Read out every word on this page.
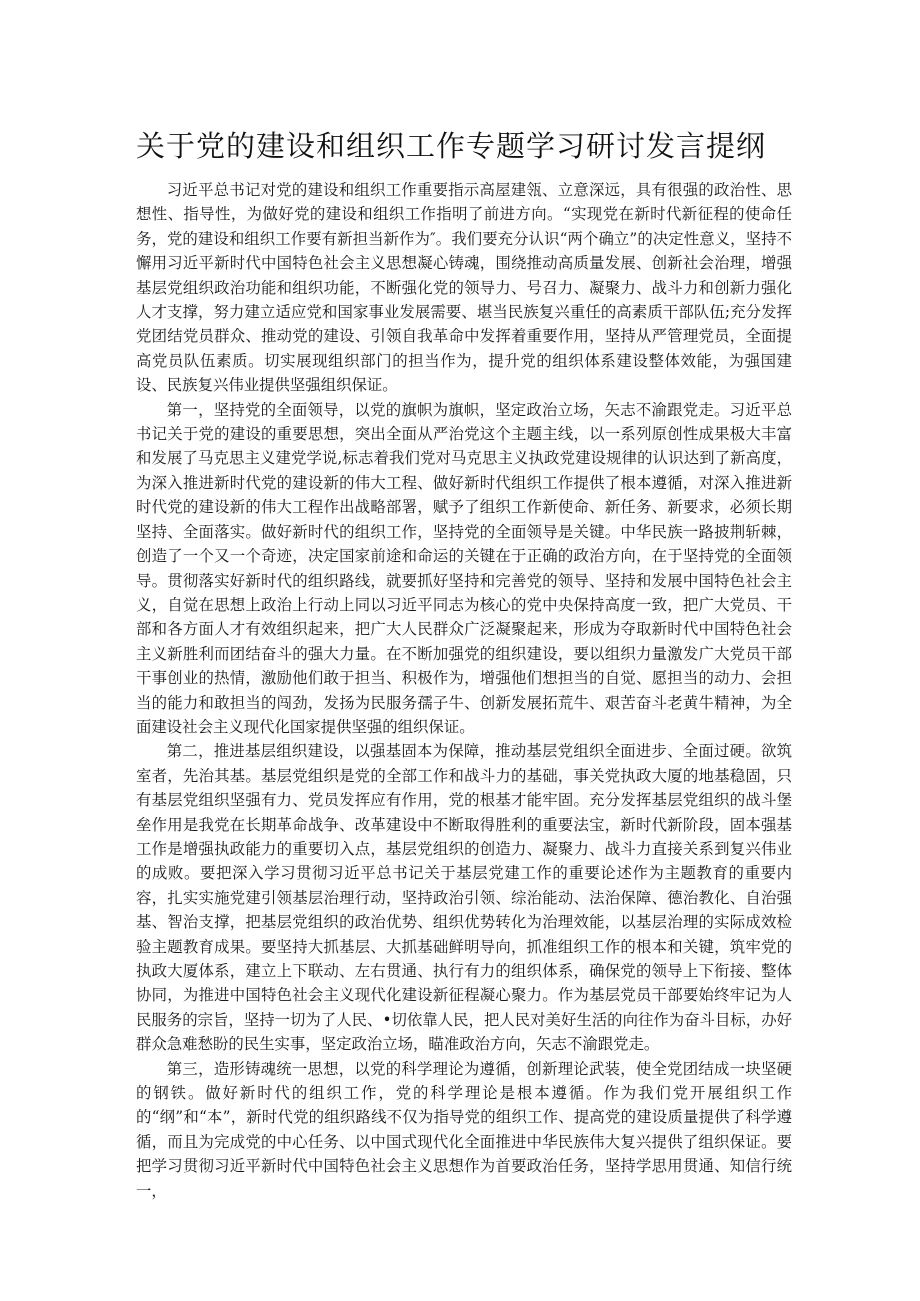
关于党的建设和组织工作专题学习研讨发言提纲

习近平总书记对党的建设和组织工作重要指示高屋建瓴、立意深远，具有很强的政治性、思想性、指导性，为做好党的建设和组织工作指明了前进方向。“实现党在新时代新征程的使命任务，党的建设和组织工作要有新担当新作为″。我们要充分认识“两个确立”的决定性意义，坚持不懈用习近平新时代中国特色社会主义思想凝心铸魂，围绕推动高质量发展、创新社会治理，增强基层党组织政治功能和组织功能，不断强化党的领导力、号召力、凝聚力、战斗力和创新力强化人才支撑，努力建立适应党和国家事业发展需要、堪当民族复兴重任的高素质干部队伍;充分发挥党团结党员群众、推动党的建设、引领自我革命中发挥着重要作用，坚持从严管理党员，全面提高党员队伍素质。切实展现组织部门的担当作为，提升党的组织体系建设整体效能，为强国建设、民族复兴伟业提供坚强组织保证。

第一，坚持党的全面领导，以党的旗帜为旗帜，坚定政治立场，矢志不渝跟党走。习近平总书记关于党的建设的重要思想，突出全面从严治党这个主题主线，以一系列原创性成果极大丰富和发展了马克思主义建党学说,标志着我们党对马克思主义执政党建设规律的认识达到了新高度，为深入推进新时代党的建设新的伟大工程、做好新时代组织工作提供了根本遵循，对深入推进新时代党的建设新的伟大工程作出战略部署，赋予了组织工作新使命、新任务、新要求，必须长期坚持、全面落实。做好新时代的组织工作，坚持党的全面领导是关键。中华民族一路披荆斩棘，创造了一个又一个奇迹，决定国家前途和命运的关键在于正确的政治方向，在于坚持党的全面领导。贯彻落实好新时代的组织路线，就要抓好坚持和完善党的领导、坚持和发展中国特色社会主义，自觉在思想上政治上行动上同以习近平同志为核心的党中央保持高度一致，把广大党员、干部和各方面人才有效组织起来，把广大人民群众广泛凝聚起来，形成为夺取新时代中国特色社会主义新胜利而团结奋斗的强大力量。在不断加强党的组织建设，要以组织力量激发广大党员干部干事创业的热情，激励他们敢于担当、积极作为，增强他们想担当的自觉、愿担当的动力、会担当的能力和敢担当的闯劲，发扬为民服务孺子牛、创新发展拓荒牛、艰苦奋斗老黄牛精神，为全面建设社会主义现代化国家提供坚强的组织保证。

第二，推进基层组织建设，以强基固本为保障，推动基层党组织全面进步、全面过硬。欲筑室者，先治其基。基层党组织是党的全部工作和战斗力的基础，事关党执政大厦的地基稳固，只有基层党组织坚强有力、党员发挥应有作用，党的根基才能牢固。充分发挥基层党组织的战斗堡垒作用是我党在长期革命战争、改革建设中不断取得胜利的重要法宝，新时代新阶段，固本强基工作是增强执政能力的重要切入点，基层党组织的创造力、凝聚力、战斗力直接关系到复兴伟业的成败。要把深入学习贯彻习近平总书记关于基层党建工作的重要论述作为主题教育的重要内容，扎实实施党建引领基层治理行动，坚持政治引领、综治能动、法治保障、德治教化、自治强基、智治支撑，把基层党组织的政治优势、组织优势转化为治理效能，以基层治理的实际成效检验主题教育成果。要坚持大抓基层、大抓基础鲜明导向，抓准组织工作的根本和关键，筑牢党的执政大厦体系，建立上下联动、左右贯通、执行有力的组织体系，确保党的领导上下衔接、整体协同，为推进中国特色社会主义现代化建设新征程凝心聚力。作为基层党员干部要始终牢记为人民服务的宗旨，坚持一切为了人民、•切依靠人民，把人民对美好生活的向往作为奋斗目标，办好群众急难愁盼的民生实事，坚定政治立场，瞄准政治方向，矢志不渝跟党走。

第三，造形铸魂统一思想，以党的科学理论为遵循，创新理论武装，使全党团结成一块坚硬的钢铁。做好新时代的组织工作，党的科学理论是根本遵循。作为我们党开展组织工作的“纲”和“本”，新时代党的组织路线不仅为指导党的组织工作、提高党的建设质量提供了科学遵循，而且为完成党的中心任务、以中国式现代化全面推进中华民族伟大复兴提供了组织保证。要把学习贯彻习近平新时代中国特色社会主义思想作为首要政治任务，坚持学思用贯通、知信行统一，
